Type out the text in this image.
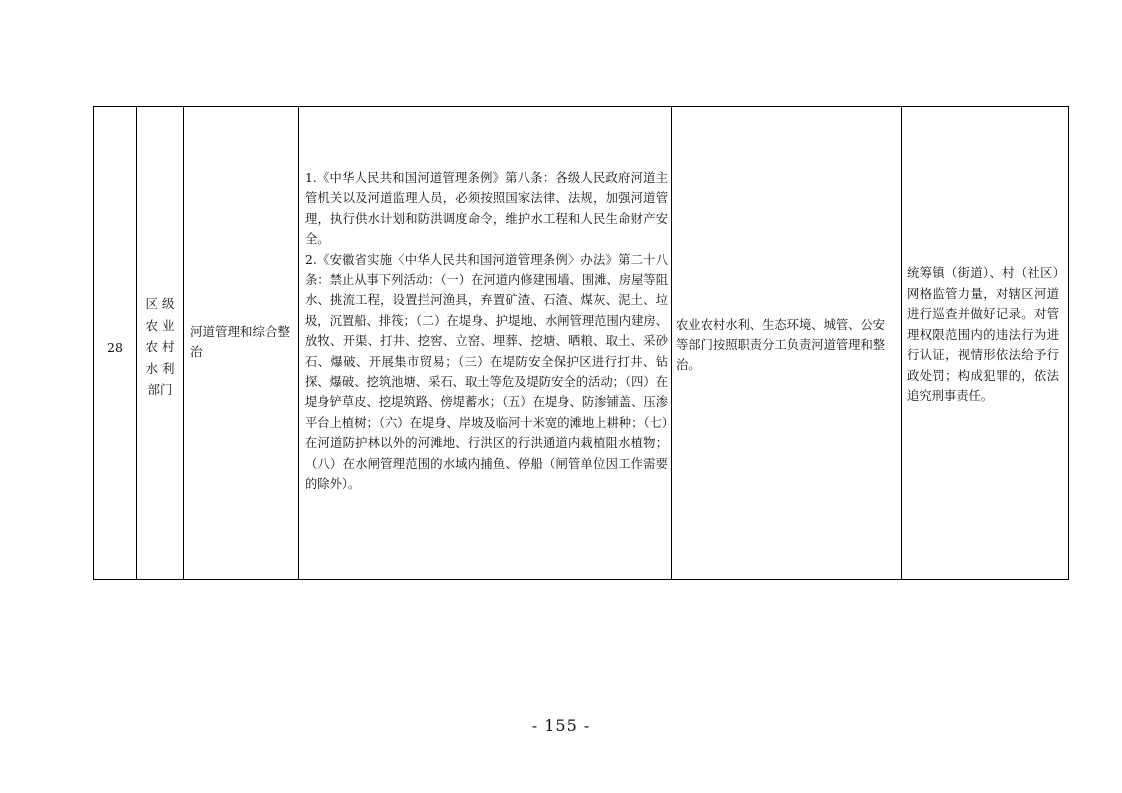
28
区 级
农 业
农 村
水 利
部门
河道管理和综合整治

1.《中华人民共和国河道管理条例》第八条：各级人民政府河道主管机关以及河道监理人员，必须按照国家法律、法规，加强河道管理，执行供水计划和防洪调度命令，维护水工程和人民生命财产安全。

2.《安徽省实施〈中华人民共和国河道管理条例〉办法》第二十八条：禁止从事下列活动：（一）在河道内修建围墙、围滩、房屋等阻水、挑流工程，设置拦河渔具，弃置矿渣、石渣、煤灰、泥土、垃圾，沉置船、排筏；（二）在堤身、护堤地、水闸管理范围内建房、放牧、开渠、打井、挖窖、立窑、埋葬、挖塘、晒粮、取土、采砂石、爆破、开展集市贸易；（三）在堤防安全保护区进行打井、钻探、爆破、挖筑池塘、采石、取土等危及堤防安全的活动；（四）在堤身铲草皮、挖堤筑路、傍堤蓄水；（五）在堤身、防渗铺盖、压渗平台上植树；（六）在堤身、岸坡及临河十米宽的滩地上耕种；（七）在河道防护林以外的河滩地、行洪区的行洪通道内栽植阻水植物；（八）在水闸管理范围的水域内捕鱼、停船（闸管单位因工作需要的除外）。

农业农村水利、生态环境、城管、公安等部门按照职责分工负责河道管理和整治。
统筹镇（街道）、村（社区）网格监管力量，对辖区河道进行巡查并做好记录。对管理权限范围内的违法行为进行认证，视情形依法给予行政处罚；构成犯罪的，依法追究刑事责任。
- 155 -
